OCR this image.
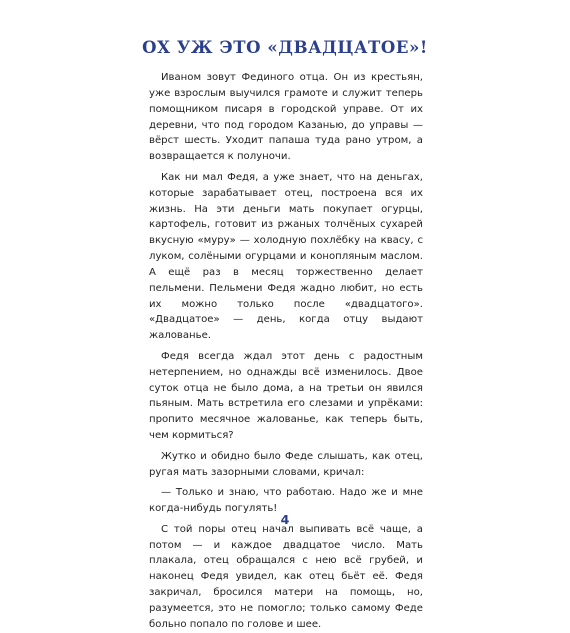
ОХ УЖ ЭТО «ДВАДЦАТОЕ»!

Иваном зовут Фединого отца. Он из крестьян, уже взрослым выучился грамоте и служит теперь помощником писаря в городской управе. От их деревни, что под городом Казанью, до управы — вёрст шесть. Уходит папаша туда рано утром, а возвращается к полуночи.

Как ни мал Федя, а уже знает, что на деньгах, которые зарабатывает отец, построена вся их жизнь. На эти деньги мать покупает огурцы, картофель, готовит из ржаных толчёных сухарей вкусную «муру» — холодную похлёбку на квасу, с луком, солёными огурцами и конопляным маслом. А ещё раз в месяц торжественно делает пельмени. Пельмени Федя жадно любит, но есть их можно только после «двадцатого». «Двадцатое» — день, когда отцу выдают жалованье.

Федя всегда ждал этот день с радостным нетерпением, но однажды всё изменилось. Двое суток отца не было дома, а на третьи он явился пьяным. Мать встретила его слезами и упрёками: пропито месячное жалованье, как теперь быть, чем кормиться?

Жутко и обидно было Феде слышать, как отец, ругая мать зазорными словами, кричал:

— Только и знаю, что работаю. Надо же и мне когда-нибудь погулять!

С той поры отец начал выпивать всё чаще, а потом — и каждое двадцатое число. Мать плакала, отец обращался с нею всё грубей, и наконец Федя увидел, как отец бьёт её. Федя закричал, бросился матери на помощь, но, разумеется, это не помогло; только самому Феде больно попало по голове и шее.

4
